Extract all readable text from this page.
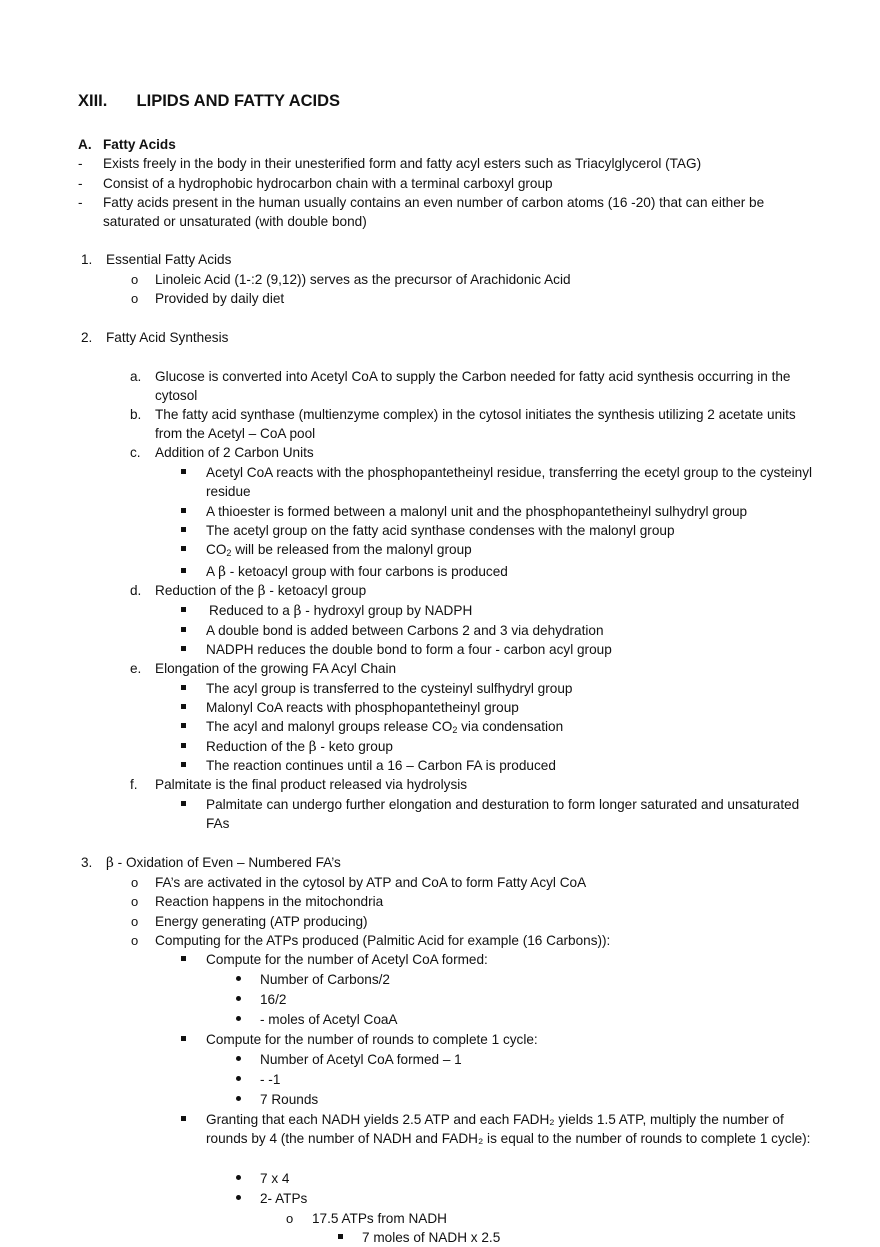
XIII. LIPIDS AND FATTY ACIDS
A. Fatty Acids
- Exists freely in the body in their unesterified form and fatty acyl esters such as Triacylglycerol (TAG)
- Consist of a hydrophobic hydrocarbon chain with a terminal carboxyl group
- Fatty acids present in the human usually contains an even number of carbon atoms (16 -20) that can either be saturated or unsaturated (with double bond)
1. Essential Fatty Acids
o Linoleic Acid (1-:2 (9,12)) serves as the precursor of Arachidonic Acid
o Provided by daily diet
2. Fatty Acid Synthesis
a. Glucose is converted into Acetyl CoA to supply the Carbon needed for fatty acid synthesis occurring in the cytosol
b. The fatty acid synthase (multienzyme complex) in the cytosol initiates the synthesis utilizing 2 acetate units from the Acetyl – CoA pool
c. Addition of 2 Carbon Units
Acetyl CoA reacts with the phosphopantetheinyl residue, transferring the ecetyl group to the cysteinyl residue
A thioester is formed between a malonyl unit and the phosphopantetheinyl sulhydryl group
The acetyl group on the fatty acid synthase condenses with the malonyl group
$CO_2$ will be released from the malonyl group
A β - ketoacyl group with four carbons is produced
d. Reduction of the β - ketoacyl group
Reduced to a β - hydroxyl group by NADPH
A double bond is added between Carbons 2 and 3 via dehydration
NADPH reduces the double bond to form a four - carbon acyl group
e. Elongation of the growing FA Acyl Chain
The acyl group is transferred to the cysteinyl sulfhydryl group
Malonyl CoA reacts with phosphopantetheinyl group
The acyl and malonyl groups release $CO_2$ via condensation
Reduction of the β - keto group
The reaction continues until a 16 – Carbon FA is produced
f. Palmitate is the final product released via hydrolysis
Palmitate can undergo further elongation and desturation to form longer saturated and unsaturated FAs
3. β - Oxidation of Even – Numbered FA’s
o FA’s are activated in the cytosol by ATP and CoA to form Fatty Acyl CoA
o Reaction happens in the mitochondria
o Energy generating (ATP producing)
o Computing for the ATPs produced (Palmitic Acid for example (16 Carbons)):
Compute for the number of Acetyl CoA formed:
Number of Carbons/2
16/2
- moles of Acetyl CoaA
Compute for the number of rounds to complete 1 cycle:
Number of Acetyl CoA formed – 1
- -1
7 Rounds
Granting that each NADH yields 2.5 ATP and each FADH₂ yields 1.5 ATP, multiply the number of rounds by 4 (the number of NADH and FADH₂ is equal to the number of rounds to complete 1 cycle):
7 x 4
2- ATPs
o 17.5 ATPs from NADH
7 moles of NADH x 2.5
